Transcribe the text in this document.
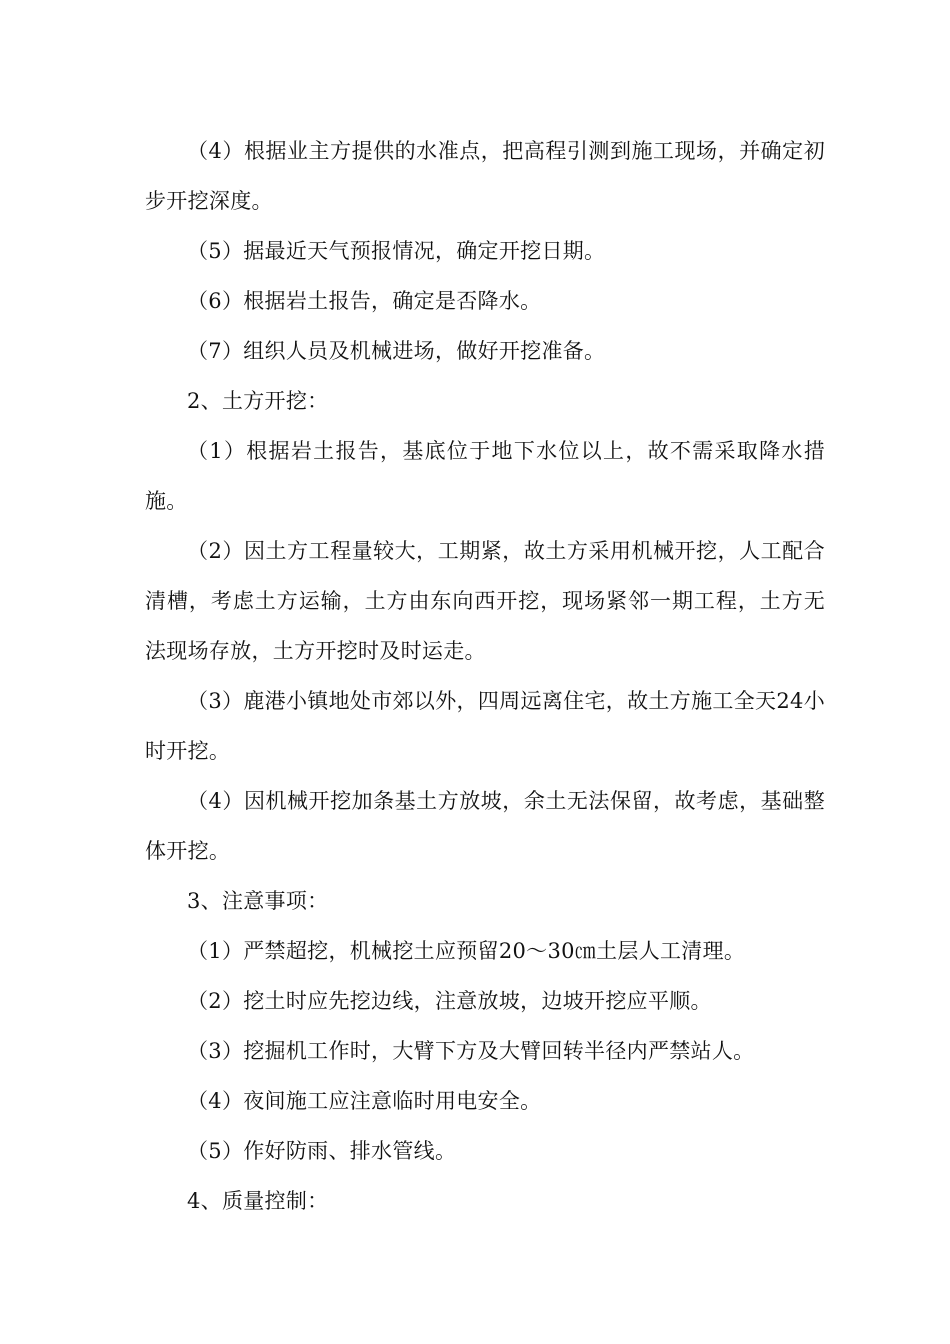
（4）根据业主方提供的水准点，把高程引测到施工现场，并确定初步开挖深度。

（5）据最近天气预报情况，确定开挖日期。

（6）根据岩土报告，确定是否降水。

（7）组织人员及机械进场，做好开挖准备。

2、土方开挖：

（1）根据岩土报告，基底位于地下水位以上，故不需采取降水措施。

（2）因土方工程量较大，工期紧，故土方采用机械开挖，人工配合清槽，考虑土方运输，土方由东向西开挖，现场紧邻一期工程，土方无法现场存放，土方开挖时及时运走。

（3）鹿港小镇地处市郊以外，四周远离住宅，故土方施工全天24小时开挖。

（4）因机械开挖加条基土方放坡，余土无法保留，故考虑，基础整体开挖。

3、注意事项：

（1）严禁超挖，机械挖土应预留20～30㎝土层人工清理。

（2）挖土时应先挖边线，注意放坡，边坡开挖应平顺。

（3）挖掘机工作时，大臂下方及大臂回转半径内严禁站人。

（4）夜间施工应注意临时用电安全。

（5）作好防雨、排水管线。

4、质量控制：
